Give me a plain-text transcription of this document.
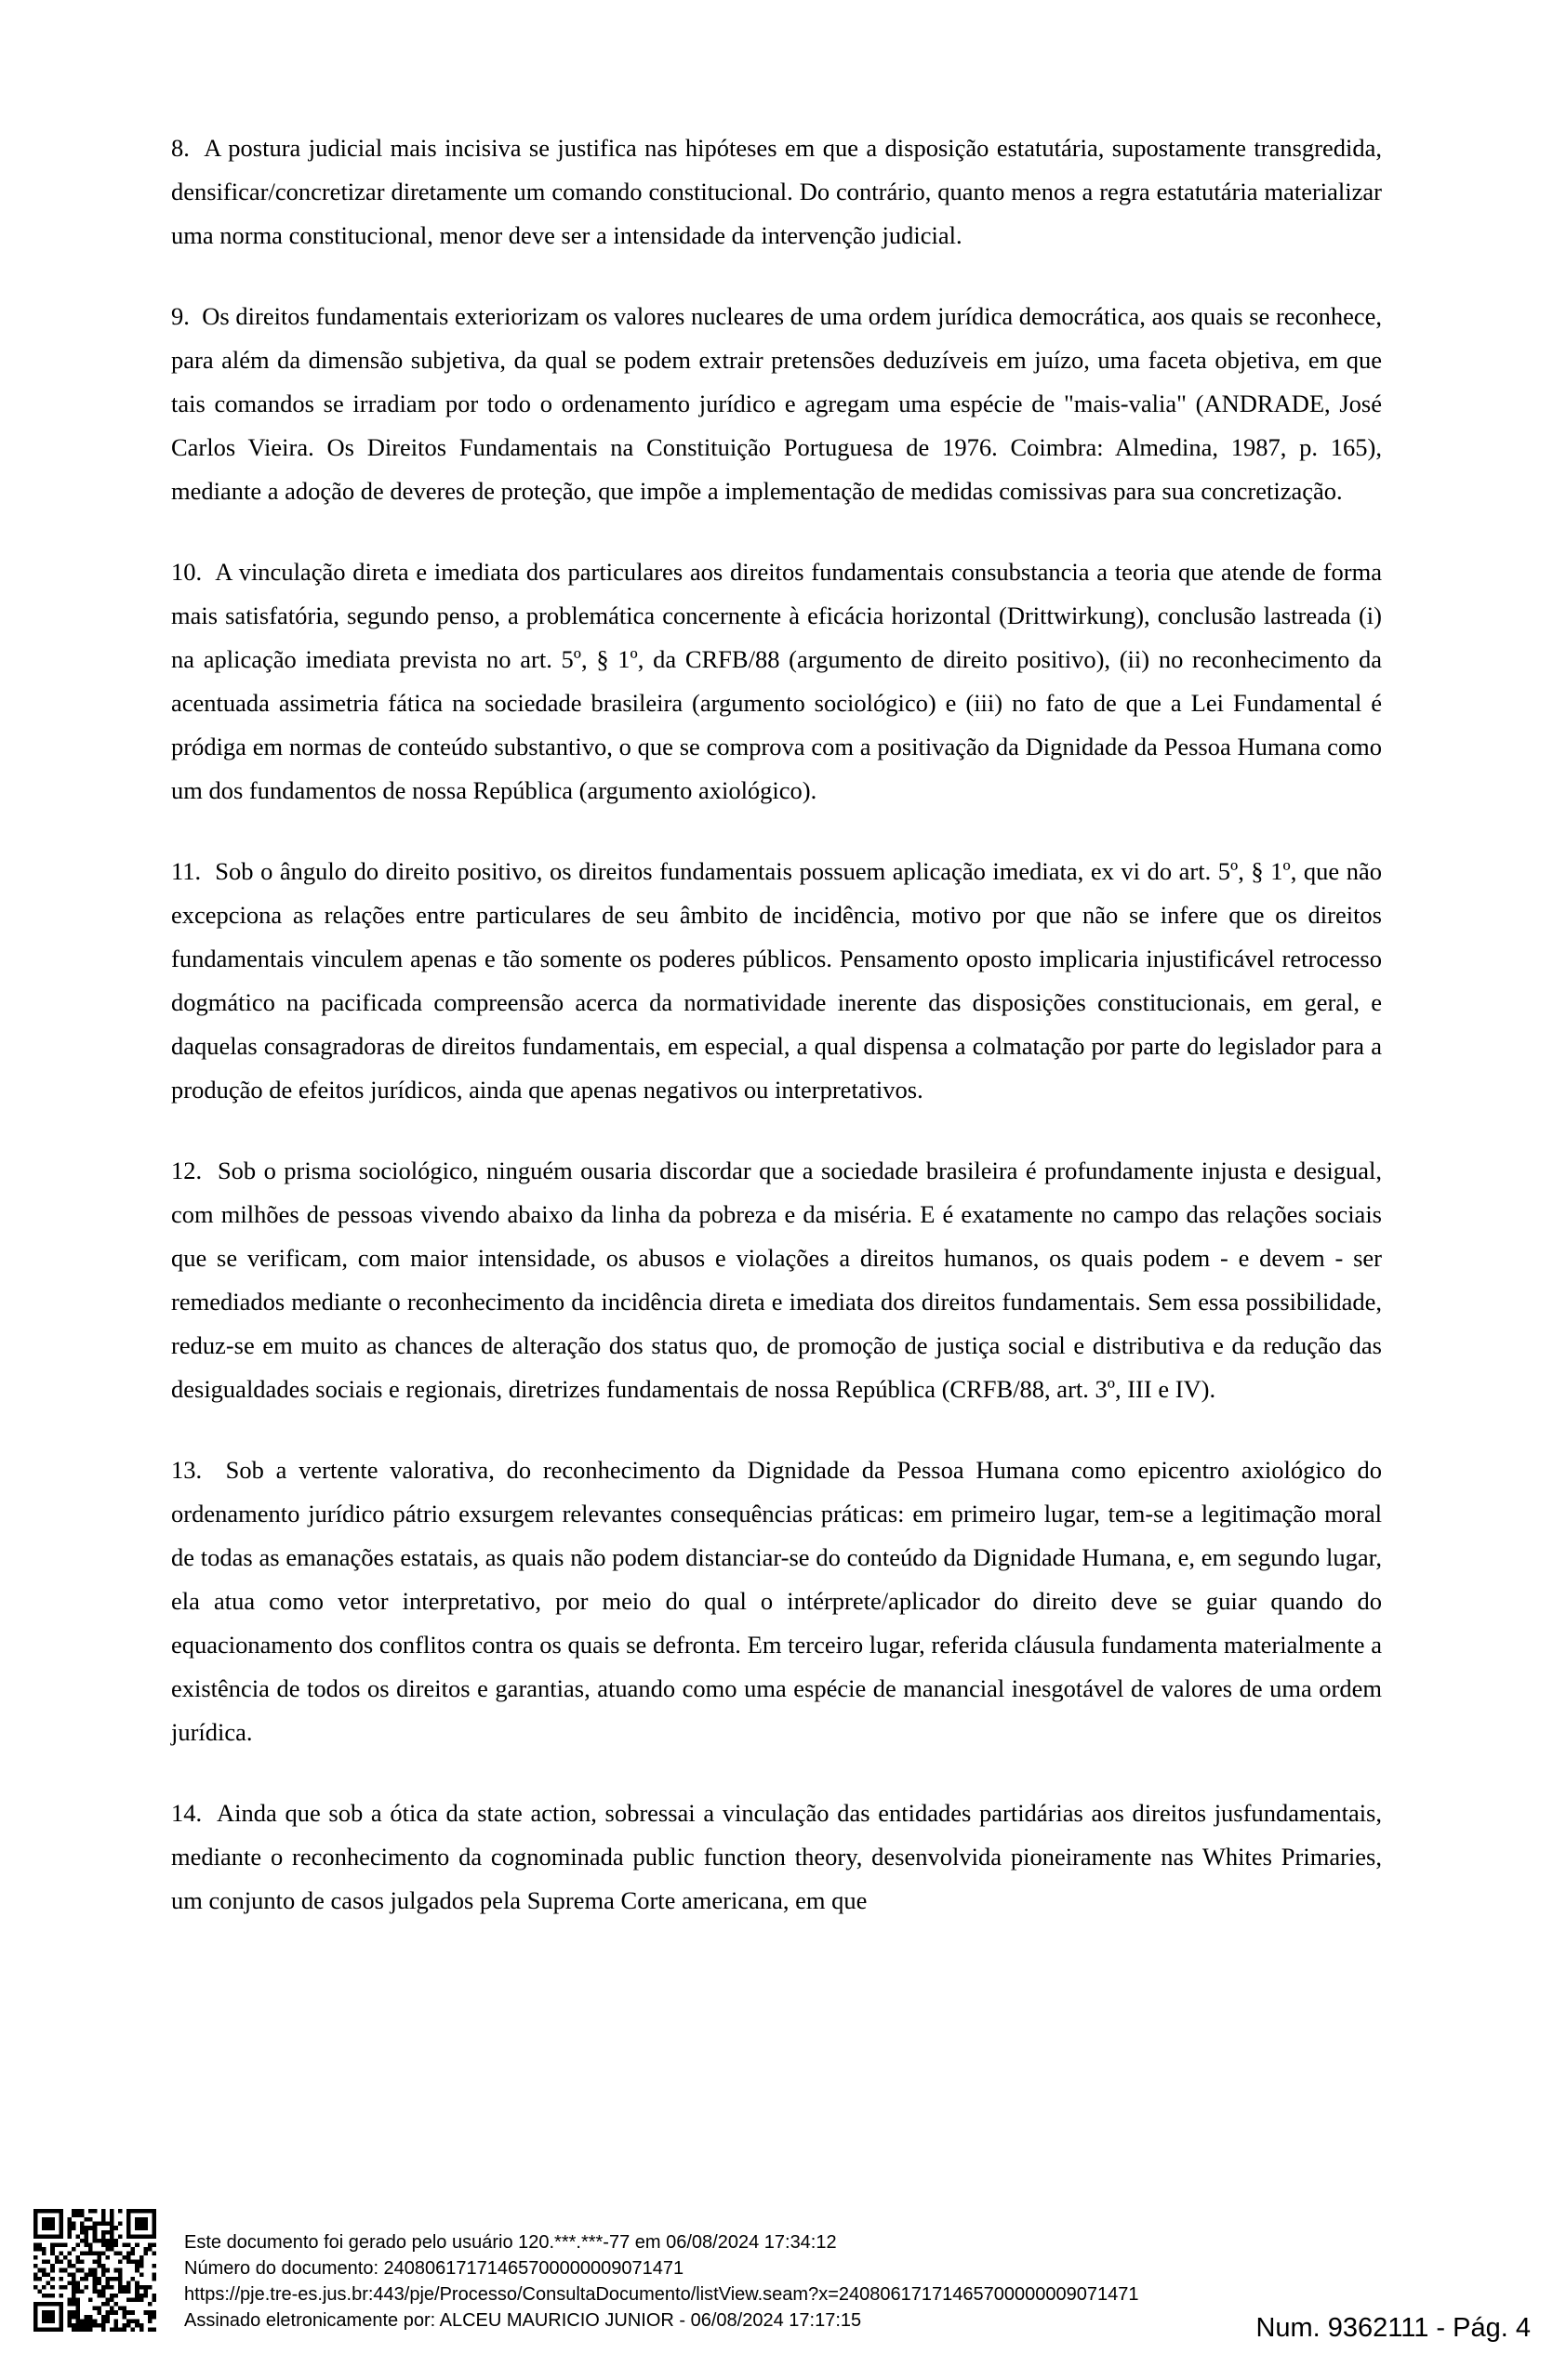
8.  A postura judicial mais incisiva se justifica nas hipóteses em que a disposição estatutária, supostamente transgredida, densificar/concretizar diretamente um comando constitucional. Do contrário, quanto menos a regra estatutária materializar uma norma constitucional, menor deve ser a intensidade da intervenção judicial.

9.  Os direitos fundamentais exteriorizam os valores nucleares de uma ordem jurídica democrática, aos quais se reconhece, para além da dimensão subjetiva, da qual se podem extrair pretensões deduzíveis em juízo, uma faceta objetiva, em que tais comandos se irradiam por todo o ordenamento jurídico e agregam uma espécie de "mais-valia" (ANDRADE, José Carlos Vieira. Os Direitos Fundamentais na Constituição Portuguesa de 1976. Coimbra: Almedina, 1987, p. 165), mediante a adoção de deveres de proteção, que impõe a implementação de medidas comissivas para sua concretização.

10.  A vinculação direta e imediata dos particulares aos direitos fundamentais consubstancia a teoria que atende de forma mais satisfatória, segundo penso, a problemática concernente à eficácia horizontal (Drittwirkung), conclusão lastreada (i) na aplicação imediata prevista no art. 5º, § 1º, da CRFB/88 (argumento de direito positivo), (ii) no reconhecimento da acentuada assimetria fática na sociedade brasileira (argumento sociológico) e (iii) no fato de que a Lei Fundamental é pródiga em normas de conteúdo substantivo, o que se comprova com a positivação da Dignidade da Pessoa Humana como um dos fundamentos de nossa República (argumento axiológico).

11.  Sob o ângulo do direito positivo, os direitos fundamentais possuem aplicação imediata, ex vi do art. 5º, § 1º, que não excepciona as relações entre particulares de seu âmbito de incidência, motivo por que não se infere que os direitos fundamentais vinculem apenas e tão somente os poderes públicos. Pensamento oposto implicaria injustificável retrocesso dogmático na pacificada compreensão acerca da normatividade inerente das disposições constitucionais, em geral, e daquelas consagradoras de direitos fundamentais, em especial, a qual dispensa a colmatação por parte do legislador para a produção de efeitos jurídicos, ainda que apenas negativos ou interpretativos.

12.  Sob o prisma sociológico, ninguém ousaria discordar que a sociedade brasileira é profundamente injusta e desigual, com milhões de pessoas vivendo abaixo da linha da pobreza e da miséria. E é exatamente no campo das relações sociais que se verificam, com maior intensidade, os abusos e violações a direitos humanos, os quais podem - e devem - ser remediados mediante o reconhecimento da incidência direta e imediata dos direitos fundamentais. Sem essa possibilidade, reduz-se em muito as chances de alteração dos status quo, de promoção de justiça social e distributiva e da redução das desigualdades sociais e regionais, diretrizes fundamentais de nossa República (CRFB/88, art. 3º, III e IV).

13.  Sob a vertente valorativa, do reconhecimento da Dignidade da Pessoa Humana como epicentro axiológico do ordenamento jurídico pátrio exsurgem relevantes consequências práticas: em primeiro lugar, tem-se a legitimação moral de todas as emanações estatais, as quais não podem distanciar-se do conteúdo da Dignidade Humana, e, em segundo lugar, ela atua como vetor interpretativo, por meio do qual o intérprete/aplicador do direito deve se guiar quando do equacionamento dos conflitos contra os quais se defronta. Em terceiro lugar, referida cláusula fundamenta materialmente a existência de todos os direitos e garantias, atuando como uma espécie de manancial inesgotável de valores de uma ordem jurídica.

14.  Ainda que sob a ótica da state action, sobressai a vinculação das entidades partidárias aos direitos jusfundamentais, mediante o reconhecimento da cognominada public function theory, desenvolvida pioneiramente nas Whites Primaries, um conjunto de casos julgados pela Suprema Corte americana, em que

Este documento foi gerado pelo usuário 120.***.***-77 em 06/08/2024 17:34:12
Número do documento: 24080617171465700000009071471
https://pje.tre-es.jus.br:443/pje/Processo/ConsultaDocumento/listView.seam?x=24080617171465700000009071471
Assinado eletronicamente por: ALCEU MAURICIO JUNIOR - 06/08/2024 17:17:15	Num. 9362111 - Pág. 4
